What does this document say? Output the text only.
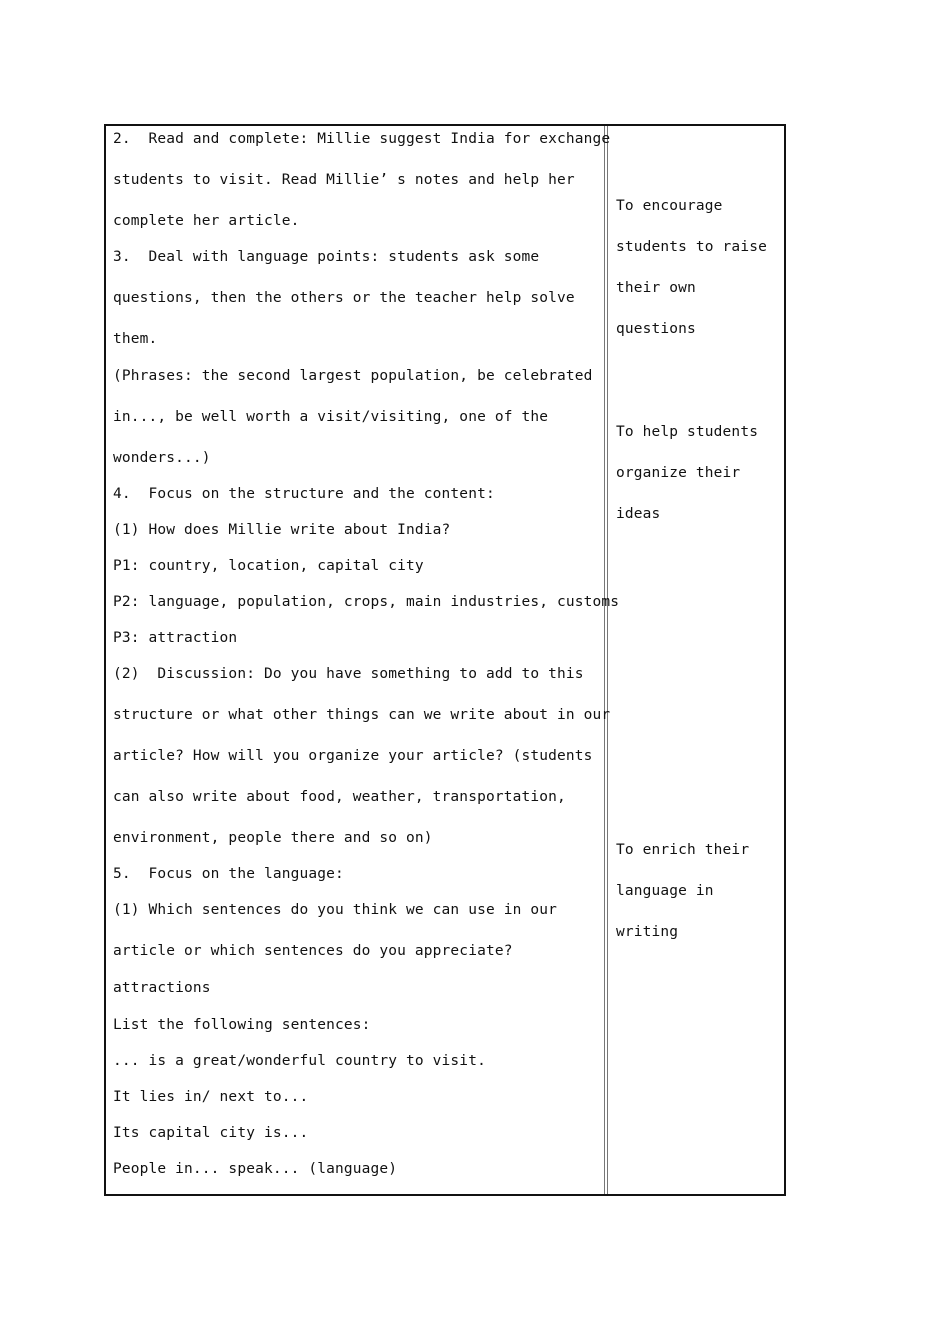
2.  Read and complete: Millie suggest India for exchange
students to visit. Read Millie’ s notes and help her
complete her article.
3.  Deal with language points: students ask some
questions, then the others or the teacher help solve
them.
(Phrases: the second largest population, be celebrated
in..., be well worth a visit/visiting, one of the
wonders...)
4.  Focus on the structure and the content:
(1) How does Millie write about India?
P1: country, location, capital city
P2: language, population, crops, main industries, customs
P3: attraction
(2)  Discussion: Do you have something to add to this
structure or what other things can we write about in our
article? How will you organize your article? (students
can also write about food, weather, transportation,
environment, people there and so on)
5.  Focus on the language:
(1) Which sentences do you think we can use in our
article or which sentences do you appreciate?
attractions
List the following sentences:
... is a great/wonderful country to visit.
It lies in/ next to...
Its capital city is...
People in... speak... (language)
To encourage
students to raise
their own
questions
To help students
organize their
ideas
To enrich their
language in
writing
